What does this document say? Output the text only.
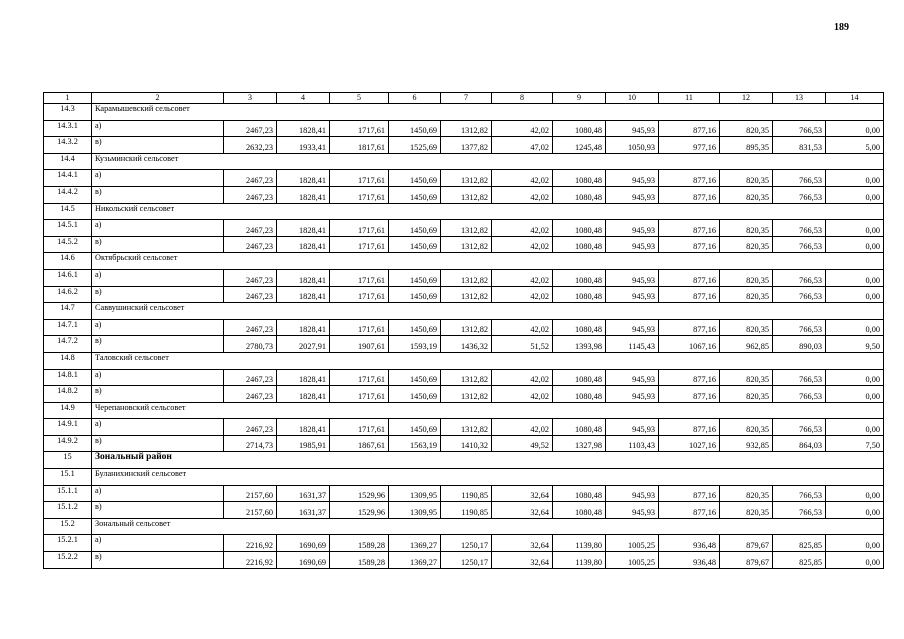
189
1	2	3	4	5	6	7	8	9	10	11	12	13	14
14.3	Карамышевский сельсовет												
14.3.1	а)	2467,23	1828,41	1717,61	1450,69	1312,82	42,02	1080,48	945,93	877,16	820,35	766,53	0,00
14.3.2	в)	2632,23	1933,41	1817,61	1525,69	1377,82	47,02	1245,48	1050,93	977,16	895,35	831,53	5,00
14.4	Кузьминский сельсовет												
14.4.1	а)	2467,23	1828,41	1717,61	1450,69	1312,82	42,02	1080,48	945,93	877,16	820,35	766,53	0,00
14.4.2	в)	2467,23	1828,41	1717,61	1450,69	1312,82	42,02	1080,48	945,93	877,16	820,35	766,53	0,00
14.5	Никольский сельсовет												
14.5.1	а)	2467,23	1828,41	1717,61	1450,69	1312,82	42,02	1080,48	945,93	877,16	820,35	766,53	0,00
14.5.2	в)	2467,23	1828,41	1717,61	1450,69	1312,82	42,02	1080,48	945,93	877,16	820,35	766,53	0,00
14.6	Октябрьский сельсовет												
14.6.1	а)	2467,23	1828,41	1717,61	1450,69	1312,82	42,02	1080,48	945,93	877,16	820,35	766,53	0,00
14.6.2	в)	2467,23	1828,41	1717,61	1450,69	1312,82	42,02	1080,48	945,93	877,16	820,35	766,53	0,00
14.7	Саввушинский сельсовет												
14.7.1	а)	2467,23	1828,41	1717,61	1450,69	1312,82	42,02	1080,48	945,93	877,16	820,35	766,53	0,00
14.7.2	в)	2780,73	2027,91	1907,61	1593,19	1436,32	51,52	1393,98	1145,43	1067,16	962,85	890,03	9,50
14.8	Таловский сельсовет												
14.8.1	а)	2467,23	1828,41	1717,61	1450,69	1312,82	42,02	1080,48	945,93	877,16	820,35	766,53	0,00
14.8.2	в)	2467,23	1828,41	1717,61	1450,69	1312,82	42,02	1080,48	945,93	877,16	820,35	766,53	0,00
14.9	Черепановский сельсовет												
14.9.1	а)	2467,23	1828,41	1717,61	1450,69	1312,82	42,02	1080,48	945,93	877,16	820,35	766,53	0,00
14.9.2	в)	2714,73	1985,91	1867,61	1563,19	1410,32	49,52	1327,98	1103,43	1027,16	932,85	864,03	7,50
15	Зональный район												
15.1	Буланихинский сельсовет												
15.1.1	а)	2157,60	1631,37	1529,96	1309,95	1190,85	32,64	1080,48	945,93	877,16	820,35	766,53	0,00
15.1.2	в)	2157,60	1631,37	1529,96	1309,95	1190,85	32,64	1080,48	945,93	877,16	820,35	766,53	0,00
15.2	Зональный сельсовет												
15.2.1	а)	2216,92	1690,69	1589,28	1369,27	1250,17	32,64	1139,80	1005,25	936,48	879,67	825,85	0,00
15.2.2	в)	2216,92	1690,69	1589,28	1369,27	1250,17	32,64	1139,80	1005,25	936,48	879,67	825,85	0,00
